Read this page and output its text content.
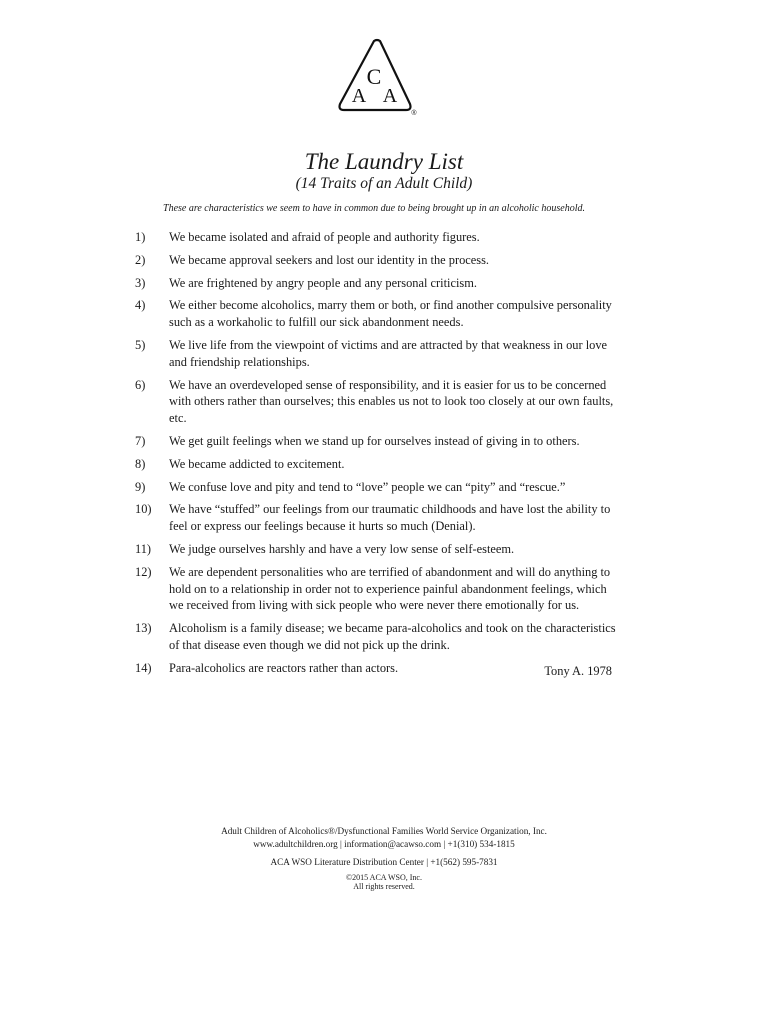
C
A A
®
The Laundry List
(14 Traits of an Adult Child)
These are characteristics we seem to have in common due to being brought up in an alcoholic household.
1) We became isolated and afraid of people and authority figures.
2) We became approval seekers and lost our identity in the process.
3) We are frightened by angry people and any personal criticism.
4) We either become alcoholics, marry them or both, or find another compulsive personality such as a workaholic to fulfill our sick abandonment needs.
5) We live life from the viewpoint of victims and are attracted by that weakness in our love and friendship relationships.
6) We have an overdeveloped sense of responsibility, and it is easier for us to be concerned with others rather than ourselves; this enables us not to look too closely at our own faults, etc.
7) We get guilt feelings when we stand up for ourselves instead of giving in to others.
8) We became addicted to excitement.
9) We confuse love and pity and tend to “love” people we can “pity” and “rescue.”
10) We have “stuffed” our feelings from our traumatic childhoods and have lost the ability to feel or express our feelings because it hurts so much (Denial).
11) We judge ourselves harshly and have a very low sense of self-esteem.
12) We are dependent personalities who are terrified of abandonment and will do anything to hold on to a relationship in order not to experience painful abandonment feelings, which we received from living with sick people who were never there emotionally for us.
13) Alcoholism is a family disease; we became para-alcoholics and took on the characteristics of that disease even though we did not pick up the drink.
14) Para-alcoholics are reactors rather than actors.	Tony A. 1978
Adult Children of Alcoholics®/Dysfunctional Families World Service Organization, Inc.
www.adultchildren.org | information@acawso.com | +1(310) 534-1815
ACA WSO Literature Distribution Center | +1(562) 595-7831
©2015 ACA WSO, Inc.
All rights reserved.
